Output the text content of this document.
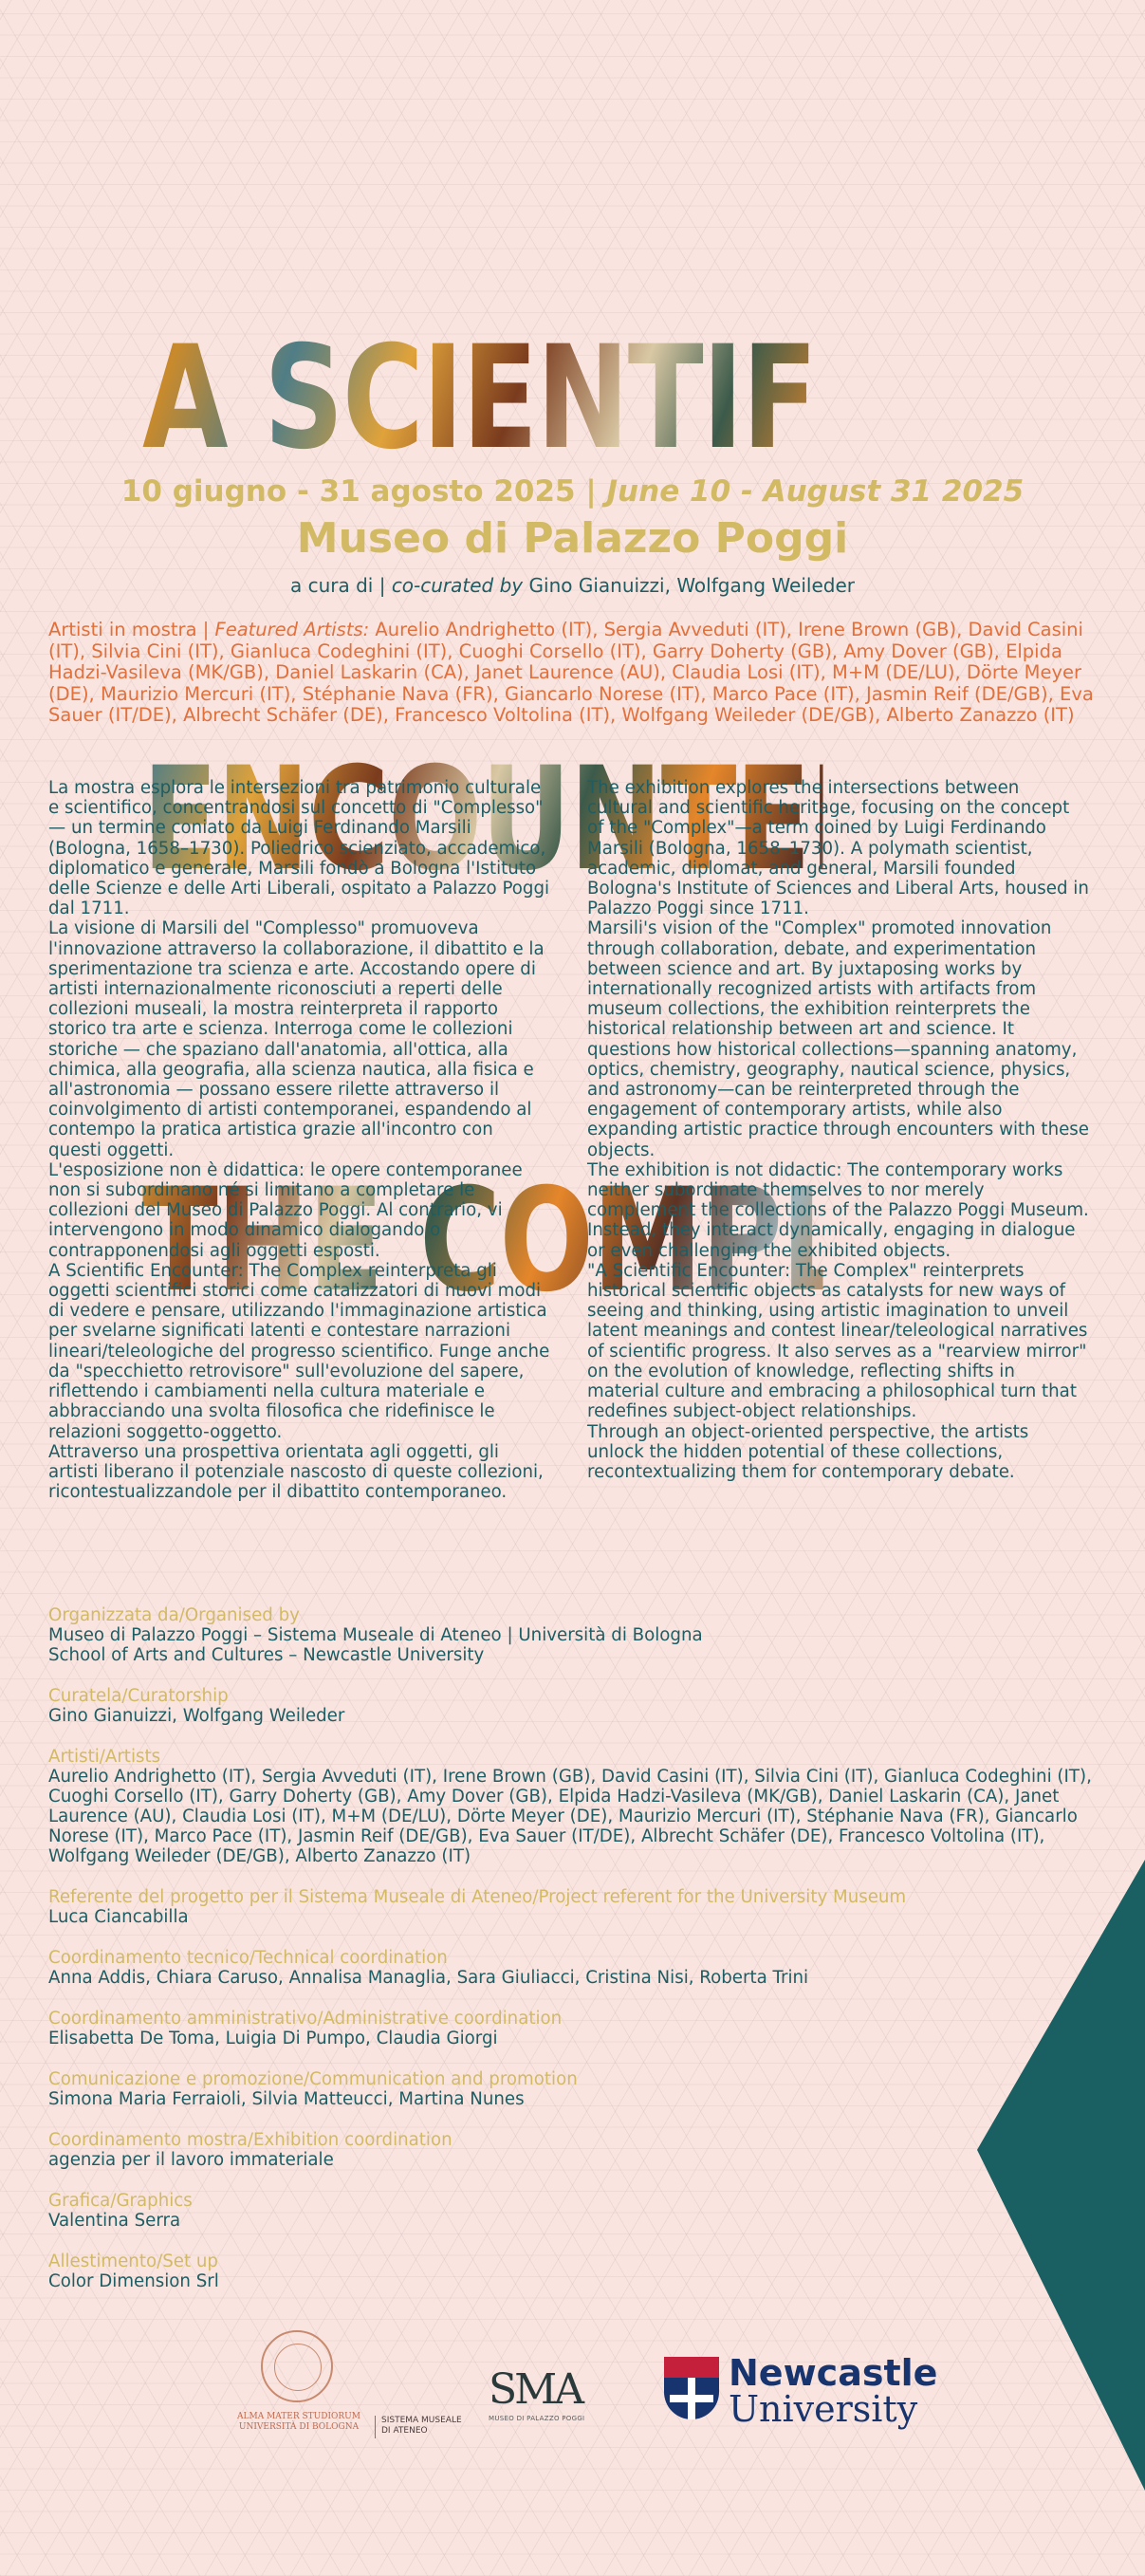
A SCIENTIFIC

ENCOUNTER:

THE COMPLEX

10 giugno - 31 agosto 2025 | June 10 - August 31 2025
Museo di Palazzo Poggi
a cura di | co-curated by Gino Gianuizzi, Wolfgang Weileder
Artisti in mostra | Featured Artists: Aurelio Andrighetto (IT), Sergia Avveduti (IT), Irene Brown (GB), David Casini (IT), Silvia Cini (IT), Gianluca Codeghini (IT), Cuoghi Corsello (IT), Garry Doherty (GB), Amy Dover (GB), Elpida Hadzi-Vasileva (MK/GB), Daniel Laskarin (CA), Janet Laurence (AU), Claudia Losi (IT), M+M (DE/LU), Dörte Meyer (DE), Maurizio Mercuri (IT), Stéphanie Nava (FR), Giancarlo Norese (IT), Marco Pace (IT), Jasmin Reif (DE/GB), Eva Sauer (IT/DE), Albrecht Schäfer (DE), Francesco Voltolina (IT), Wolfgang Weileder (DE/GB), Alberto Zanazzo (IT)

La mostra esplora le intersezioni tra patrimonio culturale e scientifico, concentrandosi sul concetto di "Complesso" — un termine coniato da Luigi Ferdinando Marsili (Bologna, 1658–1730). Poliedrico scienziato, accademico, diplomatico e generale, Marsili fondò a Bologna l'Istituto delle Scienze e delle Arti Liberali, ospitato a Palazzo Poggi dal 1711.

La visione di Marsili del "Complesso" promuoveva l'innovazione attraverso la collaborazione, il dibattito e la sperimentazione tra scienza e arte. Accostando opere di artisti internazionalmente riconosciuti a reperti delle collezioni museali, la mostra reinterpreta il rapporto storico tra arte e scienza. Interroga come le collezioni storiche — che spaziano dall'anatomia, all'ottica, alla chimica, alla geografia, alla scienza nautica, alla fisica e all'astronomia — possano essere rilette attraverso il coinvolgimento di artisti contemporanei, espandendo al contempo la pratica artistica grazie all'incontro con questi oggetti.

L'esposizione non è didattica: le opere contemporanee non si subordinano né si limitano a completare le collezioni del Museo di Palazzo Poggi. Al contrario, vi intervengono in modo dinamico dialogando o contrapponendosi agli oggetti esposti.

A Scientific Encounter: The Complex reinterpreta gli oggetti scientifici storici come catalizzatori di nuovi modi di vedere e pensare, utilizzando l'immaginazione artistica per svelarne significati latenti e contestare narrazioni lineari/teleologiche del progresso scientifico. Funge anche da "specchietto retrovisore" sull'evoluzione del sapere, riflettendo i cambiamenti nella cultura materiale e abbracciando una svolta filosofica che ridefinisce le relazioni soggetto-oggetto.

Attraverso una prospettiva orientata agli oggetti, gli artisti liberano il potenziale nascosto di queste collezioni, ricontestualizzandole per il dibattito contemporaneo.

The exhibition explores the intersections between cultural and scientific heritage, focusing on the concept of the "Complex"—a term coined by Luigi Ferdinando Marsili (Bologna, 1658–1730). A polymath scientist, academic, diplomat, and general, Marsili founded Bologna's Institute of Sciences and Liberal Arts, housed in Palazzo Poggi since 1711.

Marsili's vision of the "Complex" promoted innovation through collaboration, debate, and experimentation between science and art. By juxtaposing works by internationally recognized artists with artifacts from museum collections, the exhibition reinterprets the historical relationship between art and science. It questions how historical collections—spanning anatomy, optics, chemistry, geography, nautical science, physics, and astronomy—can be reinterpreted through the engagement of contemporary artists, while also expanding artistic practice through encounters with these objects.

The exhibition is not didactic: The contemporary works neither subordinate themselves to nor merely complement the collections of the Palazzo Poggi Museum. Instead, they interact dynamically, engaging in dialogue or even challenging the exhibited objects.

"A Scientific Encounter: The Complex" reinterprets historical scientific objects as catalysts for new ways of seeing and thinking, using artistic imagination to unveil latent meanings and contest linear/teleological narratives of scientific progress. It also serves as a "rearview mirror" on the evolution of knowledge, reflecting shifts in material culture and embracing a philosophical turn that redefines subject-object relationships.

Through an object-oriented perspective, the artists unlock the hidden potential of these collections, recontextualizing them for contemporary debate.

Organizzata da/Organised by
Museo di Palazzo Poggi – Sistema Museale di Ateneo | Università di Bologna
School of Arts and Cultures – Newcastle University
Curatela/Curatorship
Gino Gianuizzi, Wolfgang Weileder
Artisti/Artists
Aurelio Andrighetto (IT), Sergia Avveduti (IT), Irene Brown (GB), David Casini (IT), Silvia Cini (IT), Gianluca Codeghini (IT), Cuoghi Corsello (IT), Garry Doherty (GB), Amy Dover (GB), Elpida Hadzi-Vasileva (MK/GB), Daniel Laskarin (CA), Janet Laurence (AU), Claudia Losi (IT), M+M (DE/LU), Dörte Meyer (DE), Maurizio Mercuri (IT), Stéphanie Nava (FR), Giancarlo Norese (IT), Marco Pace (IT), Jasmin Reif (DE/GB), Eva Sauer (IT/DE), Albrecht Schäfer (DE), Francesco Voltolina (IT), Wolfgang Weileder (DE/GB), Alberto Zanazzo (IT)
Referente del progetto per il Sistema Museale di Ateneo/Project referent for the University Museum
Luca Ciancabilla
Coordinamento tecnico/Technical coordination
Anna Addis, Chiara Caruso, Annalisa Managlia, Sara Giuliacci, Cristina Nisi, Roberta Trini
Coordinamento amministrativo/Administrative coordination
Elisabetta De Toma, Luigia Di Pumpo, Claudia Giorgi
Comunicazione e promozione/Communication and promotion
Simona Maria Ferraioli, Silvia Matteucci, Martina Nunes
Coordinamento mostra/Exhibition coordination
agenzia per il lavoro immateriale
Grafica/Graphics
Valentina Serra
Allestimento/Set up
Color Dimension Srl
ALMA MATER STUDIORUM
UNIVERSITÀ DI BOLOGNA
SISTEMA MUSEALE
DI ATENEO
SMA
MUSEO DI PALAZZO POGGI
Newcastle
University
